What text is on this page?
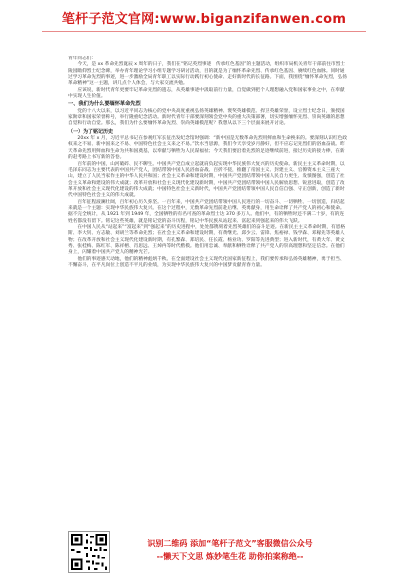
笔杆子范文官网:www.biganzifanwen.com

青年同志们：

今天，是 xx 革命先烈诞辰 x 周年的日子，我们在“铭记英烈事迹　传承红色基因”的主题活动，组织市局机关青年干部前往市烈士陵园瞻仰烈士纪念碑，举办青年理论学习小组专题学习研讨活动，目的就是为了缅怀革命先烈、传承红色基因、赓续红色血脉。同时通过学习革命先烈的事迹，进一步激励全局青年职工以实际行动践行初心使命、走好新时代的长征路。下面，我围绕“缅怀革命先烈，弘扬革命精神”这一主题，讲几点个人体会，与大家交流共勉。

应该说，新时代青年更要牢记革命先烈的遗志，从英雄事迹中汲取前行力量，自觉做到把个人理想融入党和国家事业之中，在奉献中实现人生价值。

一、我们为什么要缅怀革命先烈

党的十八大以来，以习近平同志为核心的党中央高度重视弘扬英雄精神、褒奖英雄模范、捍卫英雄荣誉，设立烈士纪念日，颁授国家勋章和国家荣誉称号，举行隆重纪念活动。新时代青年干部要深刻领会党中央的重大决策部署，切实增强缅怀先烈、崇尚英雄的思想自觉和行动自觉。那么，我们为什么要缅怀革命先烈、崇尚英雄模范呢？我想从以下三个层面来展开讨论。

（一）为了铭记历史

20xx 年 x 月，习近平总书记在参观红军长征出发纪念馆时强调：“新中国是无数革命先烈用鲜血和生命换来的。要深刻认识红色政权来之不易、新中国来之不易、中国特色社会主义来之不易。”饮水当思源，我们今天享受岁月静好，但不应忘记先烈们的浴血奋战。昨天革命先烈用鲜血和生命为共和国奠基，以奉献与牺牲为人民谋福祉；今天我们要沿着先烈的足迹继续前进，接过历史的接力棒，在新的赶考路上书写新的答卷。

百年前的中国，山河破碎、民不聊生。中国共产党自成立起就肩负起实现中华民族伟大复兴的历史使命。新民主主义革命时期，以毛泽东同志为主要代表的中国共产党人，团结带领中国人民浴血奋战、百折不挠，推翻了帝国主义、封建主义、官僚资本主义三座大山，建立了人民当家作主的中华人民共和国；社会主义革命和建设时期，中国共产党团结带领中国人民自力更生、发愤图强，创造了社会主义革命和建设的伟大成就；改革开放和社会主义现代化建设新时期，中国共产党团结带领中国人民解放思想、锐意进取，创造了改革开放和社会主义现代化建设的伟大成就；中国特色社会主义新时代，中国共产党团结带领中国人民自信自强、守正创新，创造了新时代中国特色社会主义的伟大成就。

百年征程波澜壮阔，百年初心历久弥坚。一百年来，中国共产党团结带领中国人民进行的一切奋斗、一切牺牲、一切创造，归结起来就是一个主题：实现中华民族伟大复兴。在这个过程中，无数革命先烈前赴后继、英勇献身，用生命诠释了共产党人的初心和使命。据不完全统计，从 1921 年到 1949 年，全国牺牲的有名可查的革命烈士达 370 多万人。他们中，有的牺牲时还不满二十岁，有的连姓名都没有留下。铭记这些英雄，就是铭记党的奋斗历程，铭记中华民族从站起来、富起来到强起来的伟大飞跃。

在中国人民从“站起来”“富起来”到“强起来”的历史进程中，处处都镌刻着先烈英雄们的奋斗足迹。在新民主主义革命时期，有恩格斯、李大钊、方志敏、刘胡兰等革命先烈；在社会主义革命和建设时期，有黄继光、邱少云、雷锋、焦裕禄、钱学森、邓稼先等英雄人物；在改革开放和社会主义现代化建设新时期，有孔繁森、郑培民、任长霞、杨业功、罗阳等先进典型；进入新时代，有黄大年、黄文秀、张桂梅、陈红军、陈祥榕、肖思远、王焯冉等时代楷模。他们用忠诚、奉献和牺牲诠释了共产党人的崇高理想和坚定信念。在他们身上，闪耀着中国共产党人的精神光芒。

他们的事迹感天动地，他们的精神彪炳千秋。在全面建设社会主义现代化国家新征程上，我们要传承和弘扬英雄精神，勇于担当、不懈奋斗，在平凡岗位上创造不平凡的业绩，为实现中华民族伟大复兴的中国梦贡献青春力量。

识别二维码 添加“笔杆子范文”客服微信公众号
--懒天下文思 炼妙笔生花 助你拍案称绝--
